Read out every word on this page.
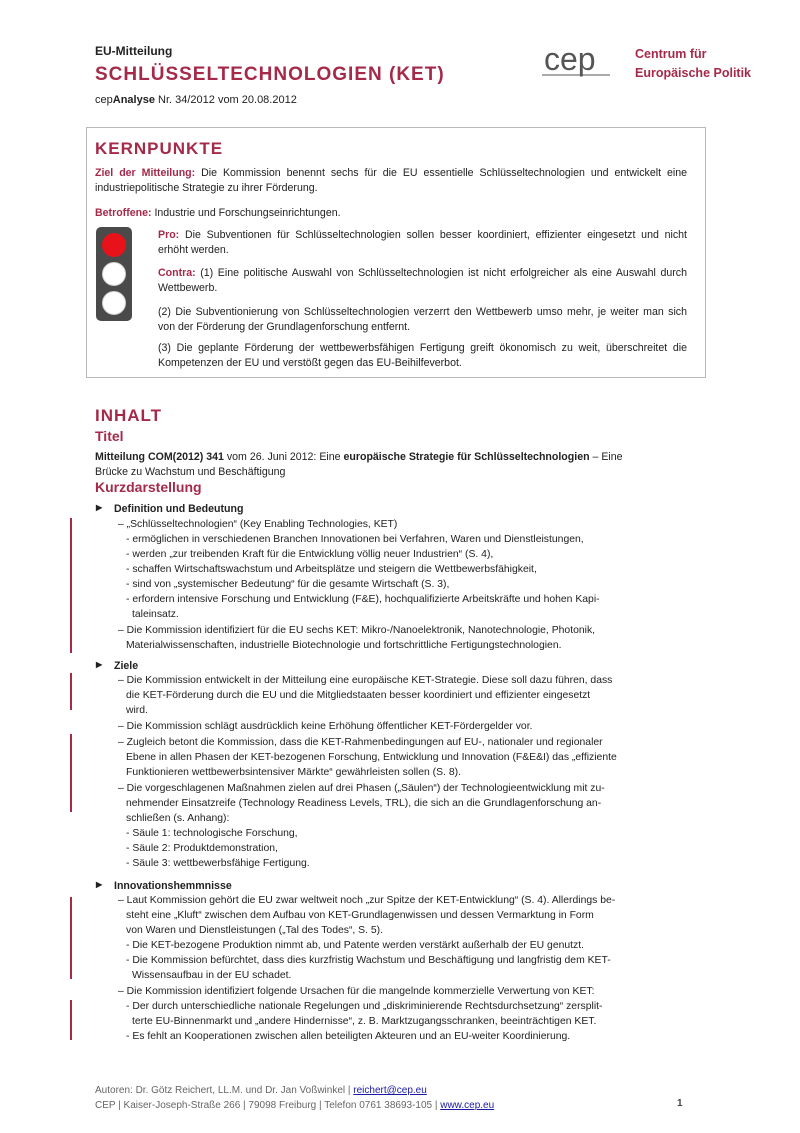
EU-Mitteilung
SCHLÜSSELTECHNOLOGIEN (KET)
cepAnalyse Nr. 34/2012 vom 20.08.2012
cep	Centrum für
Europäische Politik
KERNPUNKTE
Ziel der Mitteilung: Die Kommission benennt sechs für die EU essentielle Schlüsseltechnologien und entwickelt eine industriepolitische Strategie zu ihrer Förderung.
Betroffene: Industrie und Forschungseinrichtungen.
Pro: Die Subventionen für Schlüsseltechnologien sollen besser koordiniert, effizienter eingesetzt und nicht erhöht werden.
Contra: (1) Eine politische Auswahl von Schlüsseltechnologien ist nicht erfolgreicher als eine Auswahl durch Wettbewerb.
(2) Die Subventionierung von Schlüsseltechnologien verzerrt den Wettbewerb umso mehr, je weiter man sich von der Förderung der Grundlagenforschung entfernt.
(3) Die geplante Förderung der wettbewerbsfähigen Fertigung greift ökonomisch zu weit, überschreitet die Kompetenzen der EU und verstößt gegen das EU-Beihilfeverbot.
INHALT
Titel
Mitteilung COM(2012) 341 vom 26. Juni 2012: Eine europäische Strategie für Schlüsseltechnologien – Eine
Brücke zu Wachstum und Beschäftigung
Kurzdarstellung
▶ Definition und Bedeutung
– „Schlüsseltechnologien“ (Key Enabling Technologies, KET)
- ermöglichen in verschiedenen Branchen Innovationen bei Verfahren, Waren und Dienstleistungen,
- werden „zur treibenden Kraft für die Entwicklung völlig neuer Industrien“ (S. 4),
- schaffen Wirtschaftswachstum und Arbeitsplätze und steigern die Wettbewerbsfähigkeit,
- sind von „systemischer Bedeutung“ für die gesamte Wirtschaft (S. 3),
- erfordern intensive Forschung und Entwicklung (F&E), hochqualifizierte Arbeitskräfte und hohen Kapi-
taleinsatz.
– Die Kommission identifiziert für die EU sechs KET: Mikro-/Nanoelektronik, Nanotechnologie, Photonik,
Materialwissenschaften, industrielle Biotechnologie und fortschrittliche Fertigungstechnologien.
▶ Ziele
– Die Kommission entwickelt in der Mitteilung eine europäische KET-Strategie. Diese soll dazu führen, dass
die KET-Förderung durch die EU und die Mitgliedstaaten besser koordiniert und effizienter eingesetzt
wird.
– Die Kommission schlägt ausdrücklich keine Erhöhung öffentlicher KET-Fördergelder vor.
– Zugleich betont die Kommission, dass die KET-Rahmenbedingungen auf EU-, nationaler und regionaler
Ebene in allen Phasen der KET-bezogenen Forschung, Entwicklung und Innovation (F&E&I) das „effiziente
Funktionieren wettbewerbsintensiver Märkte“ gewährleisten sollen (S. 8).
– Die vorgeschlagenen Maßnahmen zielen auf drei Phasen („Säulen“) der Technologieentwicklung mit zu-
nehmender Einsatzreife (Technology Readiness Levels, TRL), die sich an die Grundlagenforschung an-
schließen (s. Anhang):
- Säule 1: technologische Forschung,
- Säule 2: Produktdemonstration,
- Säule 3: wettbewerbsfähige Fertigung.
▶ Innovationshemmnisse
– Laut Kommission gehört die EU zwar weltweit noch „zur Spitze der KET-Entwicklung“ (S. 4). Allerdings be-
steht eine „Kluft“ zwischen dem Aufbau von KET-Grundlagenwissen und dessen Vermarktung in Form
von Waren und Dienstleistungen („Tal des Todes“, S. 5).
- Die KET-bezogene Produktion nimmt ab, und Patente werden verstärkt außerhalb der EU genutzt.
- Die Kommission befürchtet, dass dies kurzfristig Wachstum und Beschäftigung und langfristig dem KET-
Wissensaufbau in der EU schadet.
– Die Kommission identifiziert folgende Ursachen für die mangelnde kommerzielle Verwertung von KET:
- Der durch unterschiedliche nationale Regelungen und „diskriminierende Rechtsdurchsetzung“ zersplit-
terte EU-Binnenmarkt und „andere Hindernisse“, z. B. Marktzugangsschranken, beeinträchtigen KET.
- Es fehlt an Kooperationen zwischen allen beteiligten Akteuren und an EU-weiter Koordinierung.
Autoren: Dr. Götz Reichert, LL.M. und Dr. Jan Voßwinkel | reichert@cep.eu
CEP | Kaiser-Joseph-Straße 266 | 79098 Freiburg | Telefon 0761 38693-105 | www.cep.eu	1
